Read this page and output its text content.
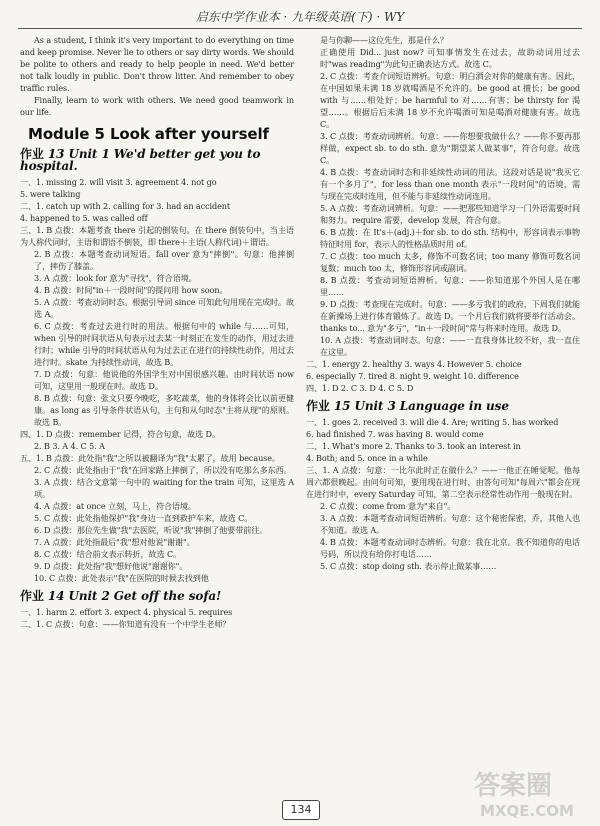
启东中学作业本 · 九年级英语(下) · WY

As a student, I think it's very important to do everything on time and keep promise. Never lie to others or say dirty words. We should be polite to others and ready to help people in need. We'd better not talk loudly in public. Don't throw litter. And remember to obey traffic rules.

Finally, learn to work with others. We need good teamwork in our life.

Module 5 Look after yourself
作业 13 Unit 1 We'd better get you to hospital.

一、1. missing 2. will visit 3. agreement 4. not go

5. were talking

二、1. catch up with 2. calling for 3. had an accident

4. happened to 5. was called off

三、1. B 点拨：本题考查 there 引起的倒装句。在 there 倒装句中，当主语为人称代词时，主语和谓语不倒装，即 there＋主语(人称代词)＋谓语。

2. B 点拨：本题考查动词短语。fall over 意为"摔倒"。句意：他摔倒了，摔伤了膝盖。

3. A 点拨：look for 意为"寻找"，符合语境。

4. B 点拨：时间"in＋一段时间"的提问用 how soon。

5. A 点拨：考查动词时态。根据引导词 since 可知此句用现在完成时。故选 A。

6. C 点拨：考查过去进行时的用法。根据句中的 while 与……可知，when 引导的时间状语从句表示过去某一时刻正在发生的动作，用过去进行时；while 引导的时间状语从句为过去正在进行的持续性动作，用过去进行时。skate 为持续性动词，故选 B。

7. D 点拨：句意：他说他的外国学生对中国很感兴趣。由时间状语 now 可知，这里用一般现在时。故选 D。

8. B 点拨：句意：张文只要今晚吃，多吃蔬菜，他的身体将会比以前更健康。as long as 引导条件状语从句，主句和从句时态"主将从现"的原则。故选 B。

四、1. D 点拨：remember 记得，符合句意，故选 D。

2. B 3. A 4. C 5. A

五、1. B 点拨：此处指"我"之所以被翻译为"我"太累了，故用 because。

2. C 点拨：此处指由于"我"在回家路上摔倒了，所以没有吃那么多东西。

3. A 点拨：结合文意第一句中的 waiting for the train 可知，这里选 A 项。

4. A 点拨：at once 立刻，马上，符合语境。

5. C 点拨：此处指他保护"我"身边一直到救护车来，故选 C。

6. D 点拨：那位先生做"我"去医院，听说"我"摔倒了他要带前往。

7. A 点拨：此处指最后"我"想对他说"谢谢"。

8. C 点拨：结合前文表示转折，故选 C。

9. D 点拨：此处指"我"想好他说"谢谢你"。

10. C 点拨：此处表示"我"在医院的时候去找到他

作业 14 Unit 2 Get off the sofa!

一、1. harm 2. effort 3. expect 4. physical 5. requires

二、1. C 点拨：句意：——你知道有没有一个中学生老师？

是与你聊——这位先生，那是什么？

正确使用 Did... just now? 可知事情发生在过去，故助动词用过去时"was reading"为此句正确表达方式。故选 C。

2. C 点拨：考查介词短语辨析。句意：明白酒会对你的健康有害。因此，在中国如果未满 18 岁就喝酒是不允许的。be good at 擅长；be good with 与……相处好；be harmful to 对……有害；be thirsty for 渴望……。根据后后未满 18 岁不允许喝酒可知是喝酒对健康有害。故选 C。

3. C 点拨：考查动词辨析。句意：——你想要我做什么？——你不要再那样做，expect sb. to do sth. 意为"期望某人做某事"，符合句意。故选 C。

4. B 点拨：考查动词时态和非延续性动词的用法。这段对话是说"我买它有一个多月了"，for less than one month 表示"一段时间"的语境，需与现在完成时连用，但不能与非延续性动词连用。

5. A 点拨：考查动词辨析。句意：——把那些知道学习一门外语需要时间和努力。require 需要，develop 发展，符合句意。

6. B 点拨：在 It's＋(adj.)＋for sb. to do sth. 结构中，形容词表示事物特征时用 for，表示人的性格品质时用 of。

7. C 点拨：too much 太多，修饰不可数名词；too many 修饰可数名词复数；much too 太，修饰形容词或副词。

8. B 点拨：考查动词短语辨析。句意：——你知道那个外国人是在哪里……

9. D 点拨：考查现在完成时。句意：——多亏我们的政府，下周我们就能在新操场上进行体育锻炼了。故选 D。一个月后我们就将要举行活动会。thanks to... 意为"多亏"，"in＋一段时间"常与将来时连用。故选 D。

10. A 点拨：考查动词时态。句意：——一直我身体比较不好，我一直住在这里。

二、1. energy 2. healthy 3. ways 4. However 5. choice

6. especially 7. tired 8. night 9. weight 10. difference

四、1. D 2. C 3. D 4. C 5. D

作业 15 Unit 3 Language in use

一、1. goes 2. received 3. will die 4. Are; writing 5. has worked

6. had finished 7. was having 8. would come

二、1. What's more 2. Thanks to 3. took an interest in

4. Both; and 5. once in a while

三、1. A 点拨：句意：一比尔此时正在做什么？——一他正在睡觉呢。他每周六都很晚起。由问句可知，要用现在进行时，由答句可知"每周六"都会在现在进行时中，every Saturday 可知，第二空表示经常性动作用一般现在时。

2. C 点拨：come from 意为"来自"。

3. A 点拨：本题考查动词短语辨析。句意：这个秘密保密，乔，其他人也不知道。故选 A。

4. B 点拨：本题考查动词时态辨析。句意：我在北京。我不知道你的电话号码，所以没有给你打电话……

5. C 点拨：stop doing sth. 表示停止做某事……

134
答案圈
MXQE.COM
